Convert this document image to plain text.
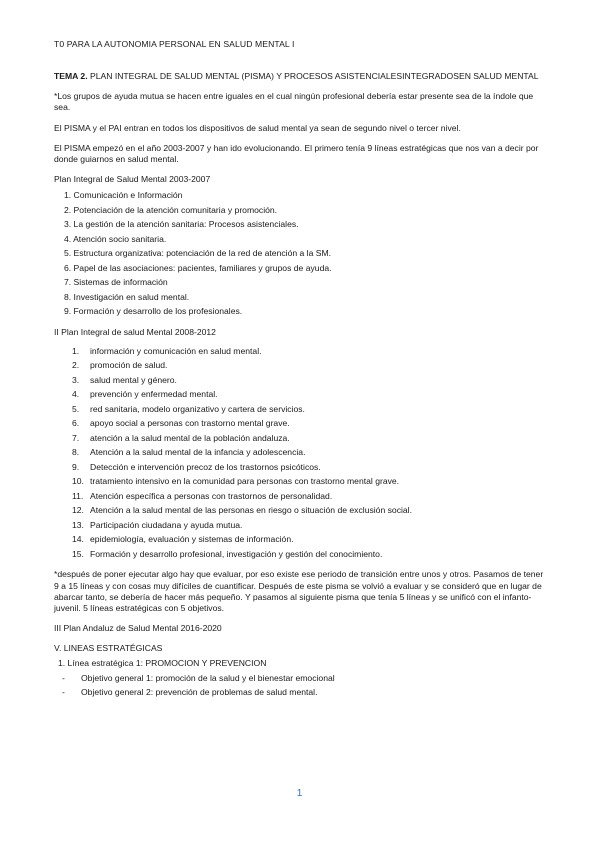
T0 PARA LA AUTONOMIA PERSONAL EN SALUD MENTAL I
TEMA 2. PLAN INTEGRAL DE SALUD MENTAL (PISMA) Y PROCESOS ASISTENCIALESINTEGRADOSEN SALUD MENTAL

*Los grupos de ayuda mutua se hacen entre iguales en el cual ningún profesional debería estar presente sea de la índole que sea.

El PISMA y el PAI entran en todos los dispositivos de salud mental ya sean de segundo nivel o tercer nivel.

El PISMA empezó en el año 2003-2007 y han ido evolucionando. El primero tenía 9 líneas estratégicas que nos van a decir por donde guiarnos en salud mental.

Plan Integral de Salud Mental 2003-2007
1. Comunicación e Información
2. Potenciación de la atención comunitaria y promoción.
3. La gestión de la atención sanitaria: Procesos asistenciales.
4. Atención socio sanitaria.
5. Estructura organizativa: potenciación de la red de atención a la SM.
6. Papel de las asociaciones: pacientes, familiares y grupos de ayuda.
7. Sistemas de información
8. Investigación en salud mental.
9. Formación y desarrollo de los profesionales.
II Plan Integral de salud Mental 2008-2012
1.	información y comunicación en salud mental.
2.	promoción de salud.
3.	salud mental y género.
4.	prevención y enfermedad mental.
5.	red sanitaria, modelo organizativo y cartera de servicios.
6.	apoyo social a personas con trastorno mental grave.
7.	atención a la salud mental de la población andaluza.
8.	Atención a la salud mental de la infancia y adolescencia.
9.	Detección e intervención precoz de los trastornos psicóticos.
10. tratamiento intensivo en la comunidad para personas con trastorno mental grave.
11. Atención específica a personas con trastornos de personalidad.
12. Atención a la salud mental de las personas en riesgo o situación de exclusión social.
13. Participación ciudadana y ayuda mutua.
14. epidemiología, evaluación y sistemas de información.
15. Formación y desarrollo profesional, investigación y gestión del conocimiento.

*después de poner ejecutar algo hay que evaluar, por eso existe ese periodo de transición entre unos y otros. Pasamos de tener 9 a 15 líneas y con cosas muy difíciles de cuantificar. Después de este pisma se volvió a evaluar y se consideró que en lugar de abarcar tanto, se debería de hacer más pequeño. Y pasamos al siguiente pisma que tenía 5 líneas y se unificó con el infanto-juvenil. 5 líneas estratégicas con 5 objetivos.

III Plan Andaluz de Salud Mental 2016-2020

V. LINEAS ESTRATÉGICAS
1. Línea estratégica 1: PROMOCION Y PREVENCION
-	Objetivo general 1: promoción de la salud y el bienestar emocional
-	Objetivo general 2: prevención de problemas de salud mental.
1
